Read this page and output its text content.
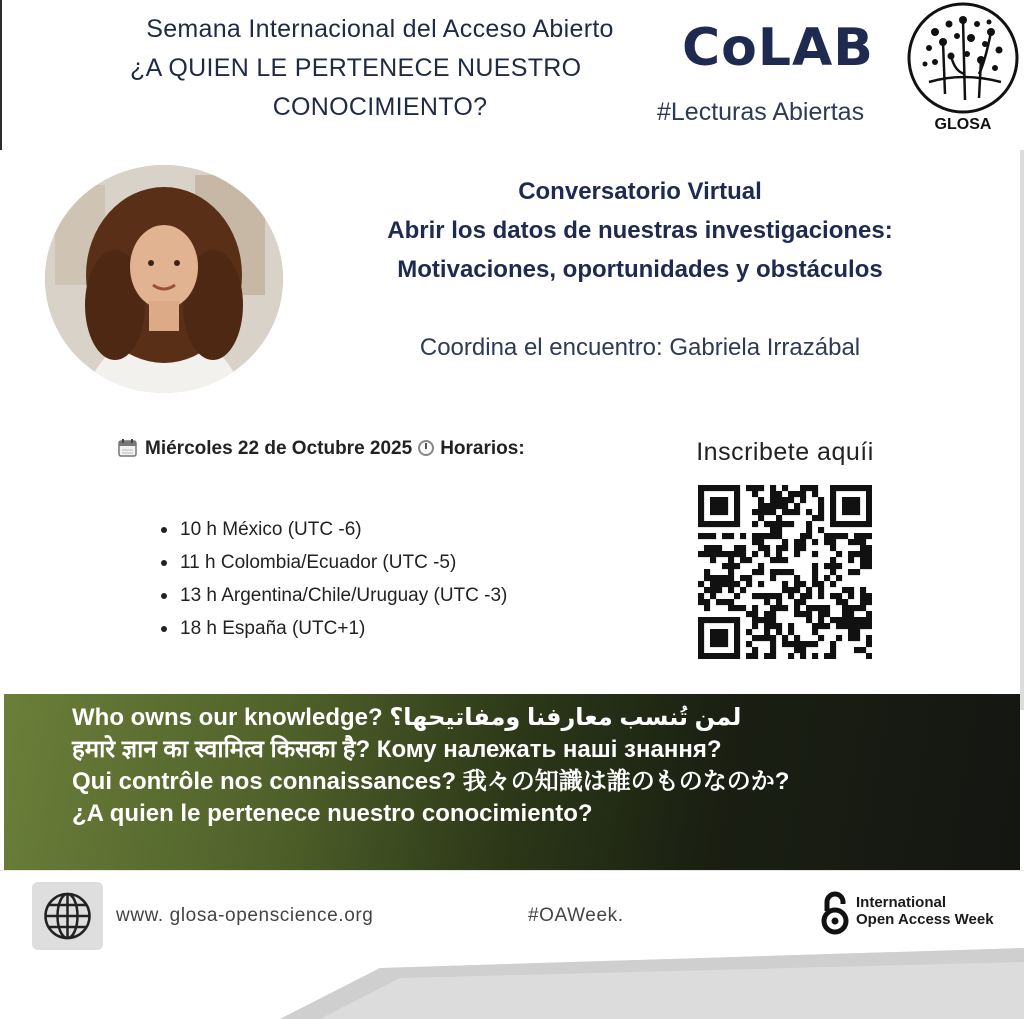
Semana Internacional del Acceso Abierto
¿A QUIEN LE PERTENECE NUESTRO
CONOCIMIENTO?
CoLAB
#Lecturas Abiertas	GLOSA
Conversatorio Virtual
Abrir los datos de nuestras investigaciones:
Motivaciones, oportunidades y obstáculos
Coordina el encuentro: Gabriela Irrazábal
Miércoles 22 de Octubre 2025 Horarios:
10 h México (UTC -6)
11 h Colombia/Ecuador (UTC -5)
13 h Argentina/Chile/Uruguay (UTC -3)
18 h España (UTC+1)
Inscribete aquíi
Who owns our knowledge? لمن تُنسب معارفنا ومفاتيحها؟
हमारे ज्ञान का स्वामित्व किसका है? Кому належать наші знання?
Qui contrôle nos connaissances? 我々の知識は誰のものなのか?
¿A quien le pertenece nuestro conocimiento?
www. glosa-openscience.org	#OAWeek.
International
Open Access Week
